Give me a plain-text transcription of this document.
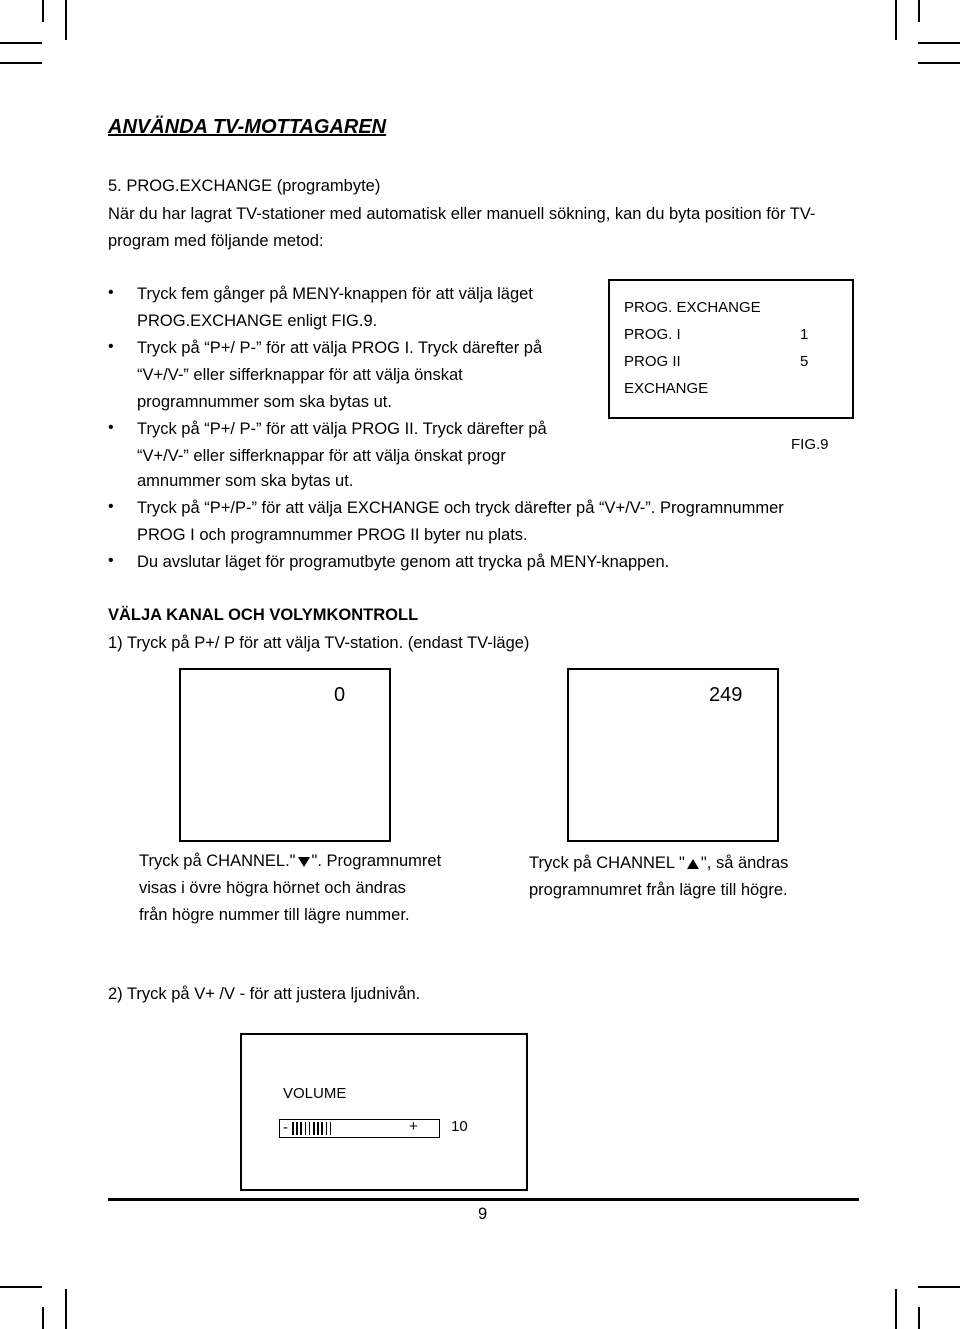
ANVÄNDA TV-MOTTAGAREN
5. PROG.EXCHANGE (programbyte)
När du har lagrat TV-stationer med automatisk eller manuell sökning, kan du byta position för TV-
program med följande metod:
• Tryck fem gånger på MENY-knappen för att välja läget
PROG.EXCHANGE enligt FIG.9.
• Tryck på “P+/ P-” för att välja PROG I. Tryck därefter på
“V+/V-” eller sifferknappar för att välja önskat
programnummer som ska bytas ut.
• Tryck på “P+/ P-” för att välja PROG II. Tryck därefter på
“V+/V-” eller sifferknappar för att välja önskat progr
amnummer som ska bytas ut.
• Tryck på “P+/P-” för att välja EXCHANGE och tryck därefter på “V+/V-”. Programnummer
PROG I och programnummer PROG II byter nu plats.
• Du avslutar läget för programutbyte genom att trycka på MENY-knappen.
PROG. EXCHANGE
PROG. I	1
PROG II	5
EXCHANGE
FIG.9
VÄLJA KANAL OCH VOLYMKONTROLL
1) Tryck på P+/ P för att välja TV-station. (endast TV-läge)
0	249
Tryck på CHANNEL." ". Programnumret
visas i övre högra hörnet och ändras
från högre nummer till lägre nummer.
Tryck på CHANNEL " ", så ändras
programnumret från lägre till högre.
2) Tryck på V+ /V - för att justera ljudnivån.
VOLUME
-	+ 10
9
